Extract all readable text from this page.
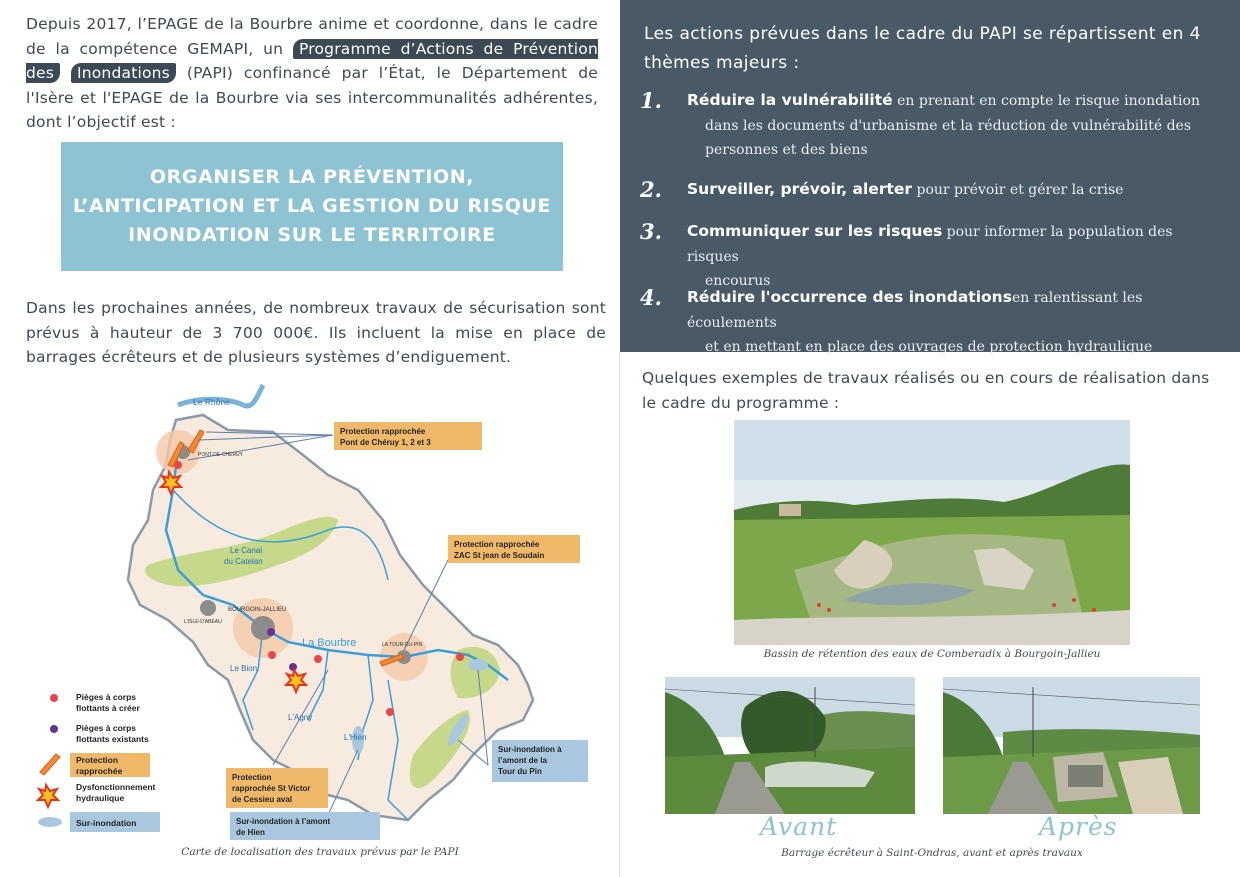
Depuis 2017, l’EPAGE de la Bourbre anime et coordonne, dans le cadre de la compétence GEMAPI, un Programme d’Actions de Prévention des Inondations (PAPI) confinancé par l’État, le Département de l'Isère et l'EPAGE de la Bourbre via ses intercommunalités adhérentes, dont l’objectif est :

ORGANISER LA PRÉVENTION, L’ANTICIPATION ET LA GESTION DU RISQUE INONDATION SUR LE TERRITOIRE

Dans les prochaines années, de nombreux travaux de sécurisation sont prévus à hauteur de 3 700 000€. Ils incluent la mise en place de barrages écrêteurs et de plusieurs systèmes d’endiguement.

Le Rhône
PONT-DE-CHERUY
Le Canal
du Catelan
BOURGOIN-JALLIEU
L'ISLE-D'ABEAU
La Bourbre	LA TOUR-DU-PIN
Le Bion
L'Agny
L'Hien
Protection rapprochée
Pont de Chéruy 1, 2 et 3
Protection rapprochée
ZAC St jean de Soudain
Protection
rapprochée St Victor
de Cessieu aval
Sur-inondation à l’amont
de Hien
Sur-inondation à
l’amont de la
Tour du Pin
Pièges à corps
flottants à créer
Pièges à corps
flottants existants
Protection
rapprochée
Dysfonctionnement
hydraulique
Sur-inondation
Carte de localisation des travaux prévus par le PAPI
Les actions prévues dans le cadre du PAPI se répartissent en 4 thèmes majeurs :
1. Réduire la vulnérabilité en prenant en compte le risque inondation
dans les documents d'urbanisme et la réduction de vulnérabilité des
personnes et des biens
2. Surveiller, prévoir, alerter pour prévoir et gérer la crise
3. Communiquer sur les risques pour informer la population des risques
encourus
4. Réduire l'occurrence des inondationsen ralentissant les écoulements
et en mettant en place des ouvrages de protection hydraulique
Quelques exemples de travaux réalisés ou en cours de réalisation dans le cadre du programme :
Bassin de rétention des eaux de Comberadix à Bourgoin-Jallieu
Avant	Après
Barrage écrêteur à Saint-Ondras, avant et après travaux
